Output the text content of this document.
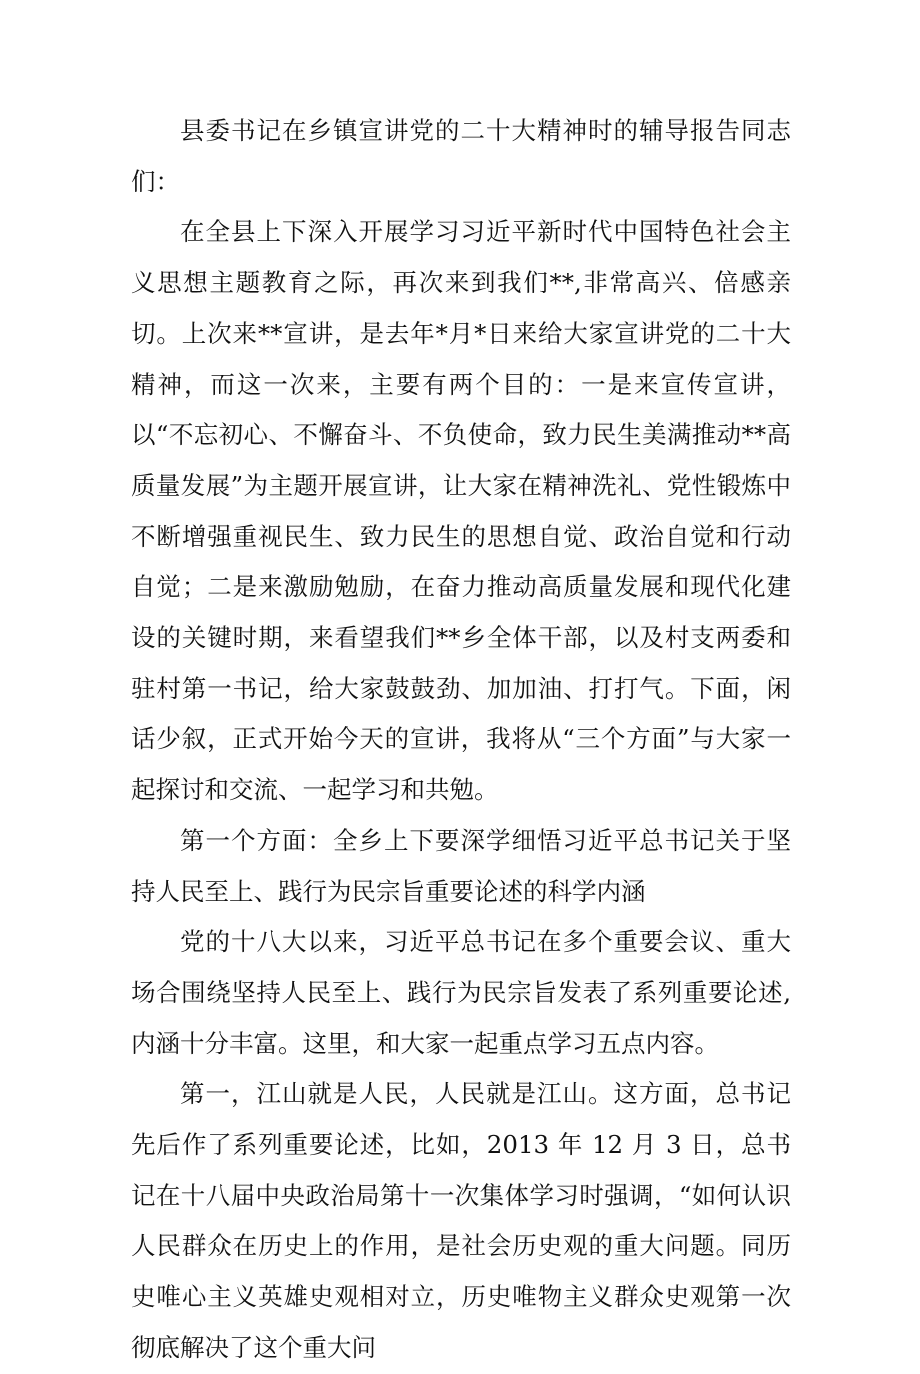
县委书记在乡镇宣讲党的二十大精神时的辅导报告同志们：

在全县上下深入开展学习习近平新时代中国特色社会主义思想主题教育之际，再次来到我们**,非常高兴、倍感亲切。上次来**宣讲，是去年*月*日来给大家宣讲党的二十大精神，而这一次来，主要有两个目的：一是来宣传宣讲，以“不忘初心、不懈奋斗、不负使命，致力民生美满推动**高质量发展”为主题开展宣讲，让大家在精神洗礼、党性锻炼中不断增强重视民生、致力民生的思想自觉、政治自觉和行动自觉；二是来激励勉励，在奋力推动高质量发展和现代化建设的关键时期，来看望我们**乡全体干部，以及村支两委和驻村第一书记，给大家鼓鼓劲、加加油、打打气。下面，闲话少叙，正式开始今天的宣讲，我将从“三个方面”与大家一起探讨和交流、一起学习和共勉。

第一个方面：全乡上下要深学细悟习近平总书记关于坚持人民至上、践行为民宗旨重要论述的科学内涵

党的十八大以来，习近平总书记在多个重要会议、重大场合围绕坚持人民至上、践行为民宗旨发表了系列重要论述,内涵十分丰富。这里，和大家一起重点学习五点内容。

第一，江山就是人民，人民就是江山。这方面，总书记先后作了系列重要论述，比如，2013 年 12 月 3 日，总书记在十八届中央政治局第十一次集体学习时强调，“如何认识人民群众在历史上的作用，是社会历史观的重大问题。同历史唯心主义英雄史观相对立，历史唯物主义群众史观第一次彻底解决了这个重大问
